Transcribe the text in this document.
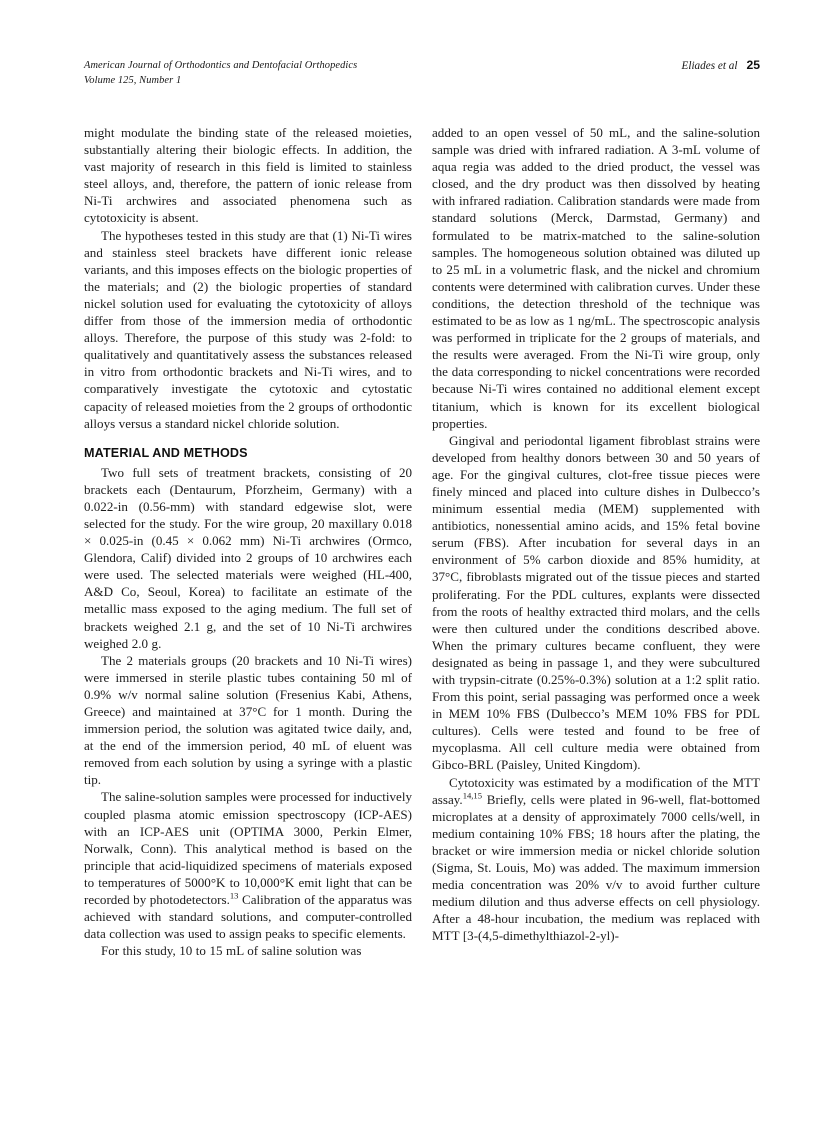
American Journal of Orthodontics and Dentofacial Orthopedics
Volume 125, Number 1
Eliades et al 25

might modulate the binding state of the released moieties, substantially altering their biologic effects. In addition, the vast majority of research in this field is limited to stainless steel alloys, and, therefore, the pattern of ionic release from Ni-Ti archwires and associated phenomena such as cytotoxicity is absent.

The hypotheses tested in this study are that (1) Ni-Ti wires and stainless steel brackets have different ionic release variants, and this imposes effects on the biologic properties of the materials; and (2) the biologic properties of standard nickel solution used for evaluating the cytotoxicity of alloys differ from those of the immersion media of orthodontic alloys. Therefore, the purpose of this study was 2-fold: to qualitatively and quantitatively assess the substances released in vitro from orthodontic brackets and Ni-Ti wires, and to comparatively investigate the cytotoxic and cytostatic capacity of released moieties from the 2 groups of orthodontic alloys versus a standard nickel chloride solution.

MATERIAL AND METHODS

Two full sets of treatment brackets, consisting of 20 brackets each (Dentaurum, Pforzheim, Germany) with a 0.022-in (0.56-mm) with standard edgewise slot, were selected for the study. For the wire group, 20 maxillary 0.018 × 0.025-in (0.45 × 0.062 mm) Ni-Ti archwires (Ormco, Glendora, Calif) divided into 2 groups of 10 archwires each were used. The selected materials were weighed (HL-400, A&D Co, Seoul, Korea) to facilitate an estimate of the metallic mass exposed to the aging medium. The full set of brackets weighed 2.1 g, and the set of 10 Ni-Ti archwires weighed 2.0 g.

The 2 materials groups (20 brackets and 10 Ni-Ti wires) were immersed in sterile plastic tubes containing 50 ml of 0.9% w/v normal saline solution (Fresenius Kabi, Athens, Greece) and maintained at 37°C for 1 month. During the immersion period, the solution was agitated twice daily, and, at the end of the immersion period, 40 mL of eluent was removed from each solution by using a syringe with a plastic tip.

The saline-solution samples were processed for inductively coupled plasma atomic emission spectroscopy (ICP-AES) with an ICP-AES unit (OPTIMA 3000, Perkin Elmer, Norwalk, Conn). This analytical method is based on the principle that acid-liquidized specimens of materials exposed to temperatures of 5000°K to 10,000°K emit light that can be recorded by photodetectors.$^{13}$ Calibration of the apparatus was achieved with standard solutions, and computer-controlled data collection was used to assign peaks to specific elements.

For this study, 10 to 15 mL of saline solution was

added to an open vessel of 50 mL, and the saline-solution sample was dried with infrared radiation. A 3-mL volume of aqua regia was added to the dried product, the vessel was closed, and the dry product was then dissolved by heating with infrared radiation. Calibration standards were made from standard solutions (Merck, Darmstad, Germany) and formulated to be matrix-matched to the saline-solution samples. The homogeneous solution obtained was diluted up to 25 mL in a volumetric flask, and the nickel and chromium contents were determined with calibration curves. Under these conditions, the detection threshold of the technique was estimated to be as low as 1 ng/mL. The spectroscopic analysis was performed in triplicate for the 2 groups of materials, and the results were averaged. From the Ni-Ti wire group, only the data corresponding to nickel concentrations were recorded because Ni-Ti wires contained no additional element except titanium, which is known for its excellent biological properties.

Gingival and periodontal ligament fibroblast strains were developed from healthy donors between 30 and 50 years of age. For the gingival cultures, clot-free tissue pieces were finely minced and placed into culture dishes in Dulbecco’s minimum essential media (MEM) supplemented with antibiotics, nonessential amino acids, and 15% fetal bovine serum (FBS). After incubation for several days in an environment of 5% carbon dioxide and 85% humidity, at 37°C, fibroblasts migrated out of the tissue pieces and started proliferating. For the PDL cultures, explants were dissected from the roots of healthy extracted third molars, and the cells were then cultured under the conditions described above. When the primary cultures became confluent, they were designated as being in passage 1, and they were subcultured with trypsin-citrate (0.25%-0.3%) solution at a 1:2 split ratio. From this point, serial passaging was performed once a week in MEM 10% FBS (Dulbecco’s MEM 10% FBS for PDL cultures). Cells were tested and found to be free of mycoplasma. All cell culture media were obtained from Gibco-BRL (Paisley, United Kingdom).

Cytotoxicity was estimated by a modification of the MTT assay.$^{14,15}$ Briefly, cells were plated in 96-well, flat-bottomed microplates at a density of approximately 7000 cells/well, in medium containing 10% FBS; 18 hours after the plating, the bracket or wire immersion media or nickel chloride solution (Sigma, St. Louis, Mo) was added. The maximum immersion media concentration was 20% v/v to avoid further culture medium dilution and thus adverse effects on cell physiology. After a 48-hour incubation, the medium was replaced with MTT [3-(4,5-dimethylthiazol-2-yl)-
